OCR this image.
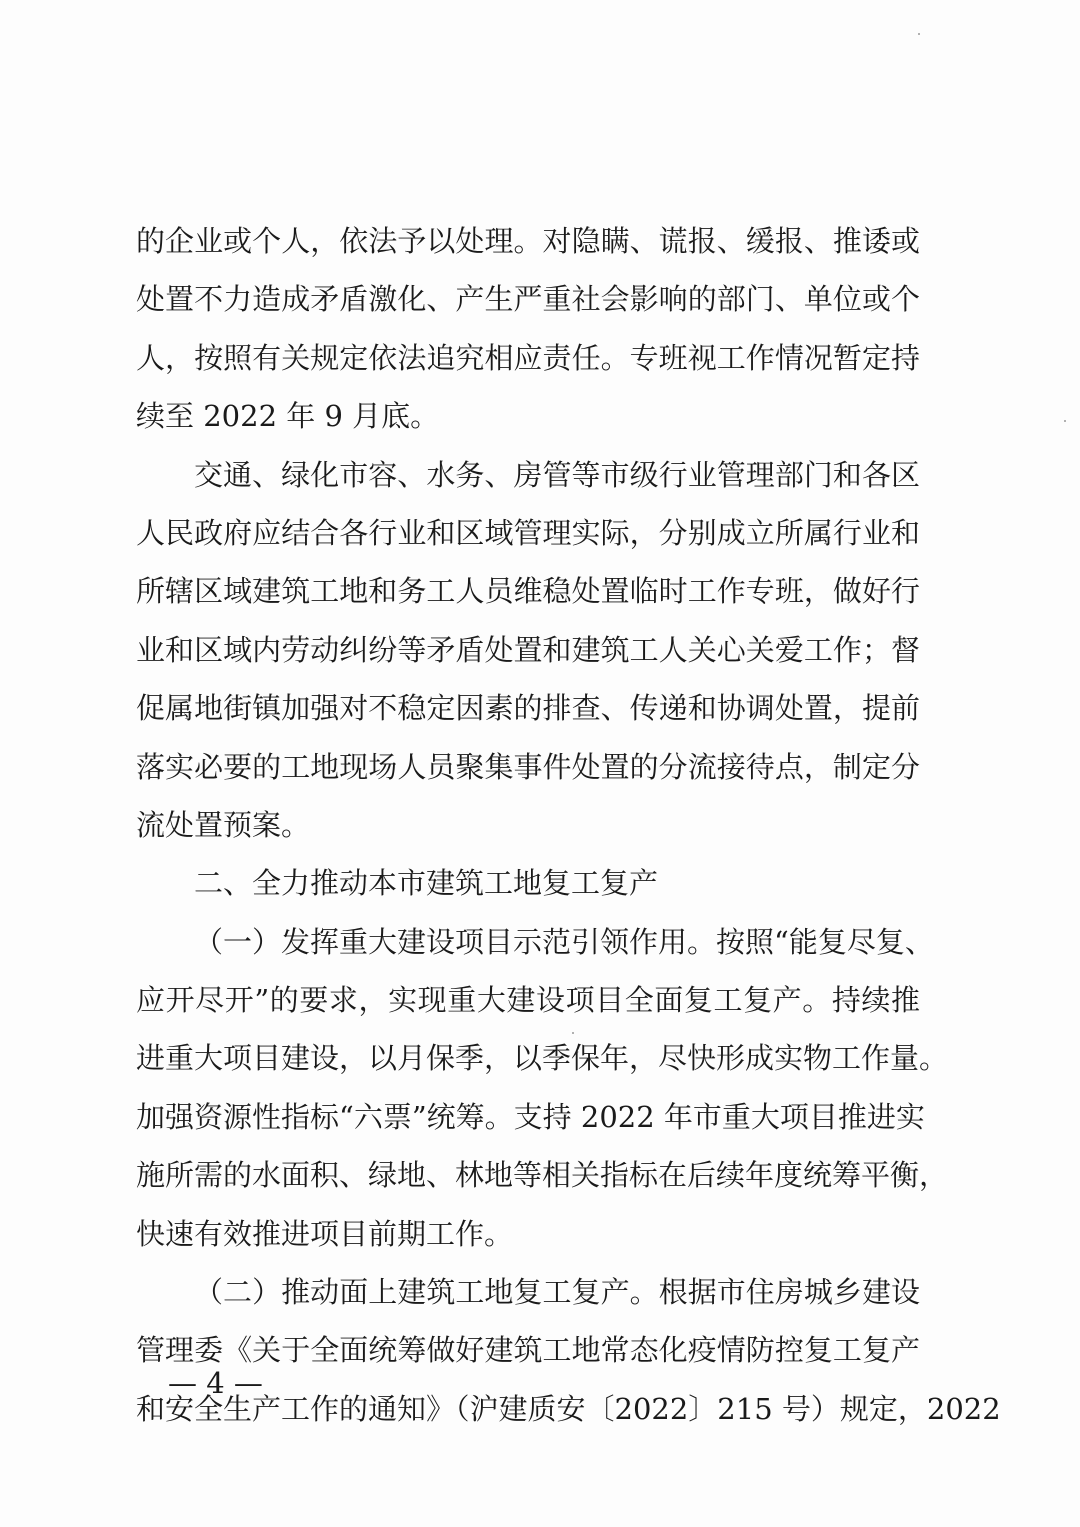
的企业或个人，依法予以处理。对隐瞒、谎报、缓报、推诿或
处置不力造成矛盾激化、产生严重社会影响的部门、单位或个
人，按照有关规定依法追究相应责任。专班视工作情况暂定持
续至 2022 年 9 月底。
交通、绿化市容、水务、房管等市级行业管理部门和各区
人民政府应结合各行业和区域管理实际，分别成立所属行业和
所辖区域建筑工地和务工人员维稳处置临时工作专班，做好行
业和区域内劳动纠纷等矛盾处置和建筑工人关心关爱工作；督
促属地街镇加强对不稳定因素的排查、传递和协调处置，提前
落实必要的工地现场人员聚集事件处置的分流接待点，制定分
流处置预案。
二、全力推动本市建筑工地复工复产
（一）发挥重大建设项目示范引领作用。按照“能复尽复、
应开尽开”的要求，实现重大建设项目全面复工复产。持续推
进重大项目建设，以月保季，以季保年，尽快形成实物工作量。
加强资源性指标“六票”统筹。支持 2022 年市重大项目推进实
施所需的水面积、绿地、林地等相关指标在后续年度统筹平衡，
快速有效推进项目前期工作。
（二）推动面上建筑工地复工复产。根据市住房城乡建设
管理委《关于全面统筹做好建筑工地常态化疫情防控复工复产
和安全生产工作的通知》（沪建质安〔2022〕215 号）规定，2022
— 4 —
